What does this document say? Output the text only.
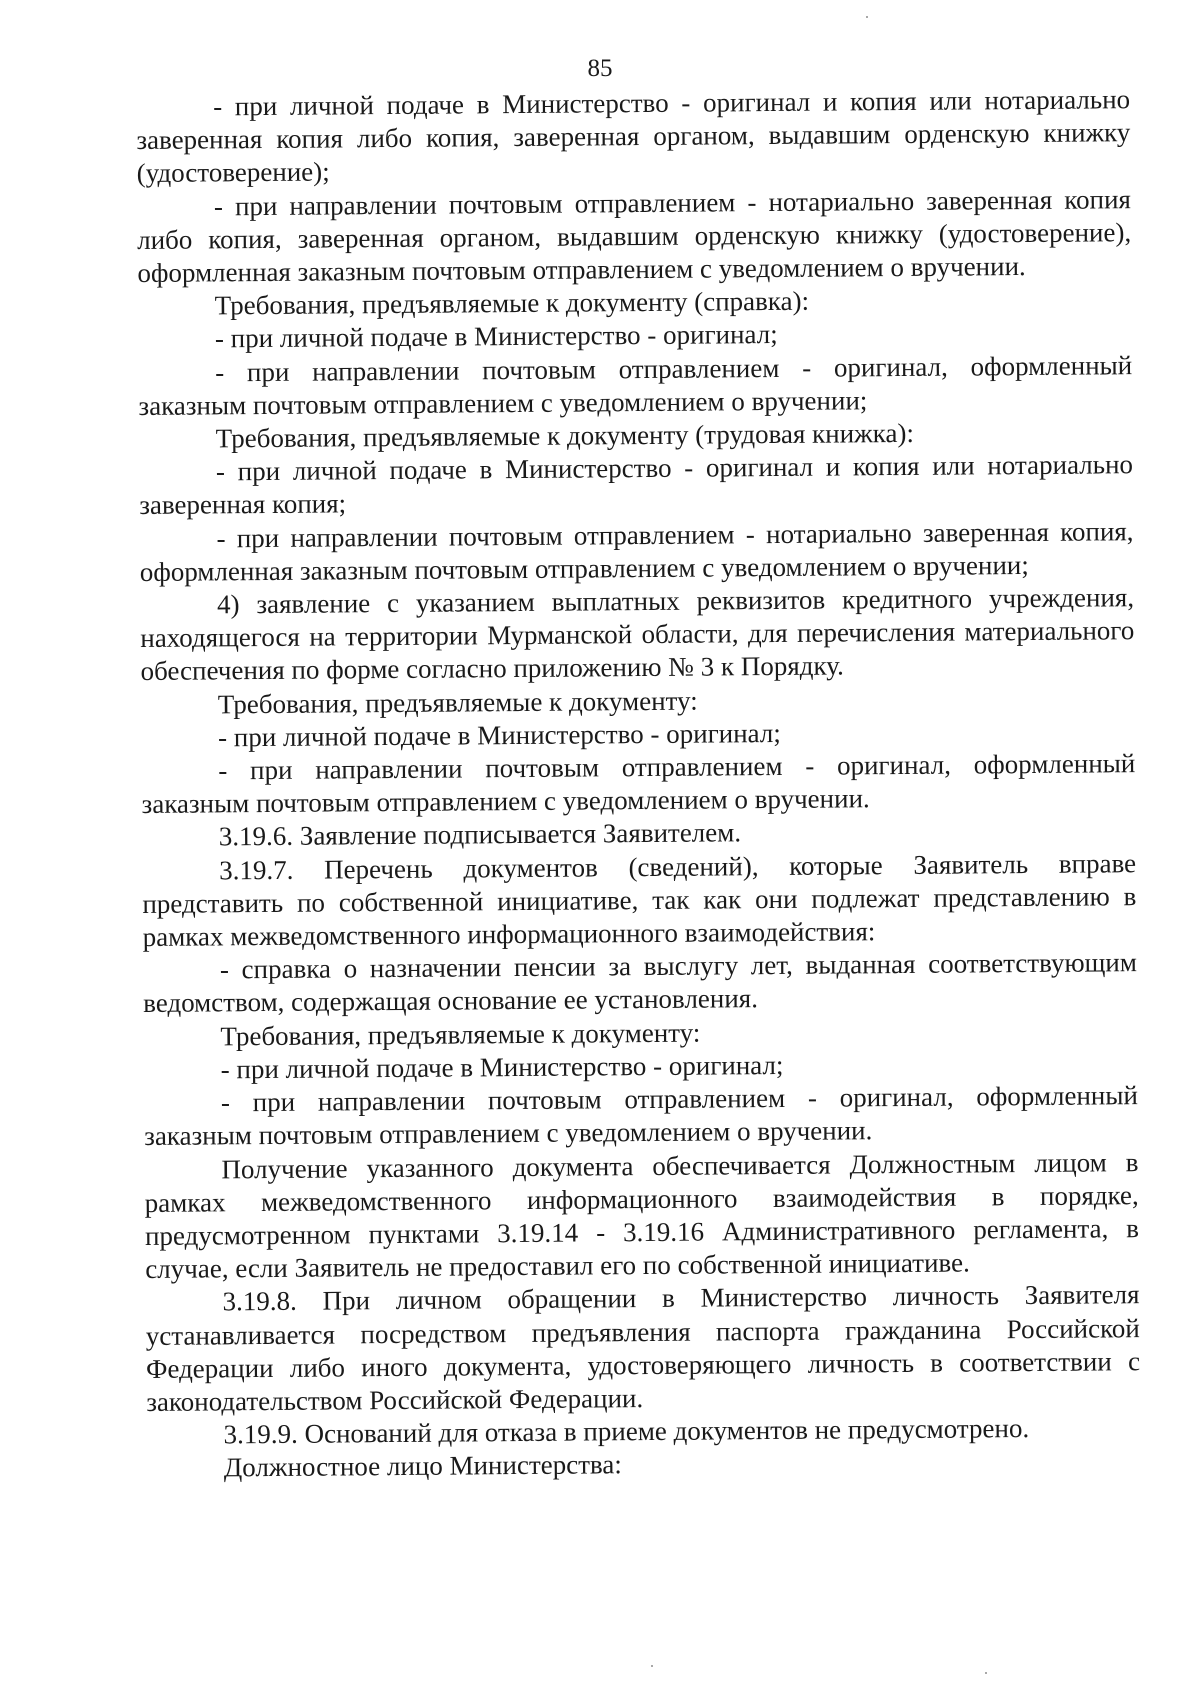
85

- при личной подаче в Министерство - оригинал и копия или нотариально заверенная копия либо копия, заверенная органом, выдавшим орденскую книжку (удостоверение);

- при направлении почтовым отправлением - нотариально заверенная копия либо копия, заверенная органом, выдавшим орденскую книжку (удостоверение), оформленная заказным почтовым отправлением с уведомлением о вручении.

Требования, предъявляемые к документу (справка):

- при личной подаче в Министерство - оригинал;

- при направлении почтовым отправлением - оригинал, оформленный заказным почтовым отправлением с уведомлением о вручении;

Требования, предъявляемые к документу (трудовая книжка):

- при личной подаче в Министерство - оригинал и копия или нотариально заверенная копия;

- при направлении почтовым отправлением - нотариально заверенная копия, оформленная заказным почтовым отправлением с уведомлением о вручении;

4) заявление с указанием выплатных реквизитов кредитного учреждения, находящегося на территории Мурманской области, для перечисления материального обеспечения по форме согласно приложению № 3 к Порядку.

Требования, предъявляемые к документу:

- при личной подаче в Министерство - оригинал;

- при направлении почтовым отправлением - оригинал, оформленный заказным почтовым отправлением с уведомлением о вручении.

3.19.6. Заявление подписывается Заявителем.

3.19.7. Перечень документов (сведений), которые Заявитель вправе представить по собственной инициативе, так как они подлежат представлению в рамках межведомственного информационного взаимодействия:

- справка о назначении пенсии за выслугу лет, выданная соответствующим ведомством, содержащая основание ее установления.

Требования, предъявляемые к документу:

- при личной подаче в Министерство - оригинал;

- при направлении почтовым отправлением - оригинал, оформленный заказным почтовым отправлением с уведомлением о вручении.

Получение указанного документа обеспечивается Должностным лицом в рамках межведомственного информационного взаимодействия в порядке, предусмотренном пунктами 3.19.14 - 3.19.16 Административного регламента, в случае, если Заявитель не предоставил его по собственной инициативе.

3.19.8. При личном обращении в Министерство личность Заявителя устанавливается посредством предъявления паспорта гражданина Российской Федерации либо иного документа, удостоверяющего личность в соответствии с законодательством Российской Федерации.

3.19.9. Оснований для отказа в приеме документов не предусмотрено.

Должностное лицо Министерства:
